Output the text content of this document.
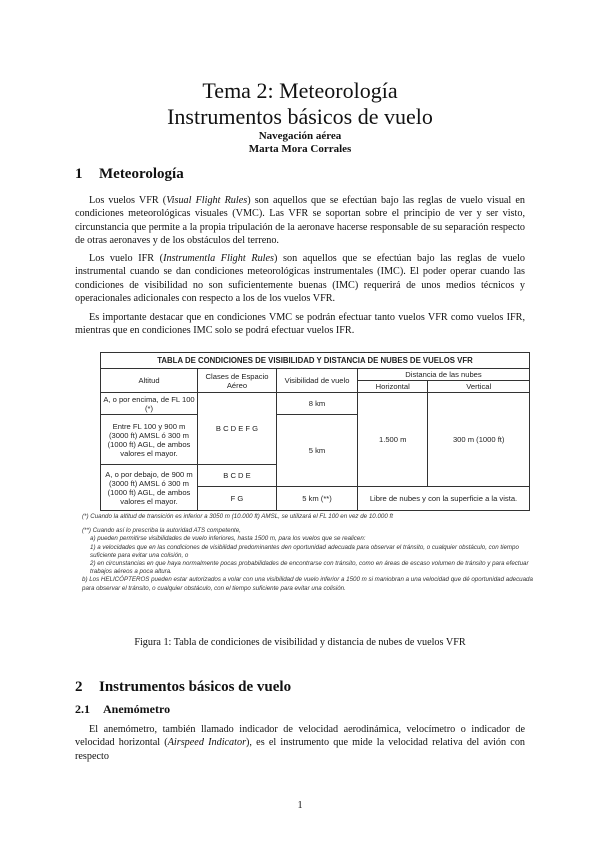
Tema 2: Meteorología
Instrumentos básicos de vuelo
Navegación aérea
Marta Mora Corrales
1 Meteorología
Los vuelos VFR (Visual Flight Rules) son aquellos que se efectúan bajo las reglas de vuelo visual en condiciones meteorológicas visuales (VMC). Las VFR se soportan sobre el principio de ver y ser visto, circunstancia que permite a la propia tripulación de la aeronave hacerse responsable de su separación respecto de otras aeronaves y de los obstáculos del terreno.
Los vuelo IFR (Instrumentla Flight Rules) son aquellos que se efectúan bajo las reglas de vuelo instrumental cuando se dan condiciones meteorológicas instrumentales (IMC). El poder operar cuando las condiciones de visibilidad no son suficientemente buenas (IMC) requerirá de unos medios técnicos y operacionales adicionales con respecto a los de los vuelos VFR.
Es importante destacar que en condiciones VMC se podrán efectuar tanto vuelos VFR como vuelos IFR, mientras que en condiciones IMC solo se podrá efectuar vuelos IFR.
TABLA DE CONDICIONES DE VISIBILIDAD Y DISTANCIA DE NUBES DE VUELOS VFR				
Altitud	Clases de Espacio Aéreo	Visibilidad de vuelo	Distancia de las nubes	
			Horizontal	Vertical
A, o por encima, de FL 100 (*)	B C D E F G	8 km	1.500 m	300 m (1000 ft)
Entre FL 100 y 900 m (3000 ft) AMSL ó 300 m (1000 ft) AGL, de ambos valores el mayor.		5 km		
A, o por debajo, de 900 m (3000 ft) AMSL ó 300 m (1000 ft) AGL, de ambos valores el mayor.	B C D E			
	F G	5 km (**)	Libre de nubes y con la superficie a la vista.	

(*) Cuando la altitud de transición es inferior a 3050 m (10.000 ft) AMSL, se utilizará el FL 100 en vez de 10.000 ft

(**) Cuando así lo prescriba la autoridad ATS competente,

a) pueden permitirse visibilidades de vuelo inferiores, hasta 1500 m, para los vuelos que se realicen:

1) a velocidades que en las condiciones de visibilidad predominantes den oportunidad adecuada para observar el tránsito, o cualquier obstáculo, con tiempo suficiente para evitar una colisión, o

2) en circunstancias en que haya normalmente pocas probabilidades de encontrarse con tránsito, como en áreas de escaso volumen de tránsito y para efectuar trabajos aéreos a poca altura.

b) Los HELICÓPTEROS pueden estar autorizados a volar con una visibilidad de vuelo inferior a 1500 m si maniobran a una velocidad que dé oportunidad adecuada para observar el tránsito, o cualquier obstáculo, con el tiempo suficiente para evitar una colisión.

Figura 1: Tabla de condiciones de visibilidad y distancia de nubes de vuelos VFR
2 Instrumentos básicos de vuelo
2.1 Anemómetro
El anemómetro, también llamado indicador de velocidad aerodinámica, velocímetro o indicador de velocidad horizontal (Airspeed Indicator), es el instrumento que mide la velocidad relativa del avión con respecto
1
